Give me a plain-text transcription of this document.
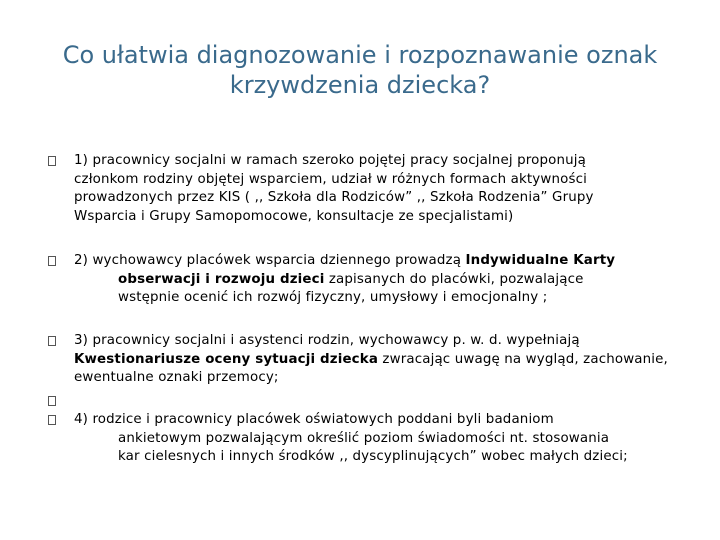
Co ułatwia diagnozowanie i rozpoznawanie oznak
krzywdzenia dziecka?
1) pracownicy socjalni w ramach szeroko pojętej pracy socjalnej proponują
członkom rodziny objętej wsparciem, udział w różnych formach aktywności
prowadzonych przez KIS ( ,, Szkoła dla Rodziców” ,, Szkoła Rodzenia” Grupy
Wsparcia i Grupy Samopomocowe, konsultacje ze specjalistami)
2) wychowawcy placówek wsparcia dziennego prowadzą Indywidualne Karty
obserwacji i rozwoju dzieci zapisanych do placówki, pozwalające
wstępnie ocenić ich rozwój fizyczny, umysłowy i emocjonalny ;
3) pracownicy socjalni i asystenci rodzin, wychowawcy p. w. d. wypełniają
Kwestionariusze oceny sytuacji dziecka zwracając uwagę na wygląd, zachowanie,
ewentualne oznaki przemocy;
4) rodzice i pracownicy placówek oświatowych poddani byli badaniom
ankietowym pozwalającym określić poziom świadomości nt. stosowania
kar cielesnych i innych środków ,, dyscyplinujących” wobec małych dzieci;
